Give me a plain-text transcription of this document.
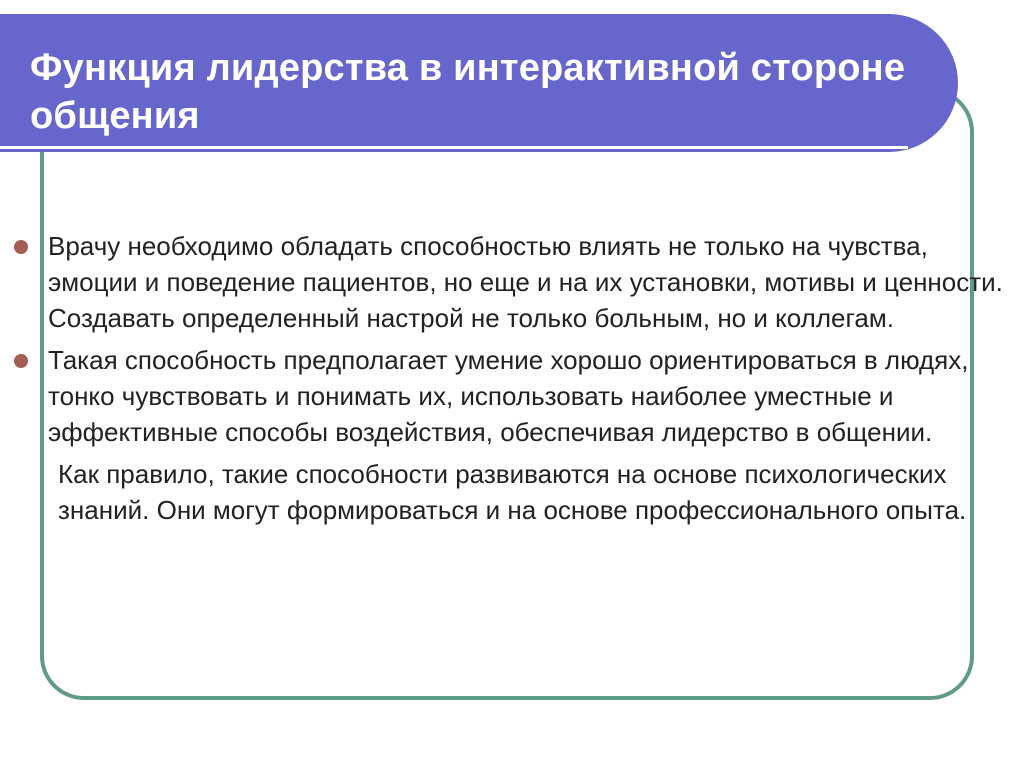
Функция лидерства в интерактивной стороне общения

Врачу необходимо обладать способностью влиять не только на чувства, эмоции и поведение пациентов, но еще и на их установки, мотивы и ценности. Создавать определенный настрой не только больным, но и коллегам.

Такая способность предполагает умение хорошо ориентироваться в людях, тонко чувствовать и понимать их, использовать наиболее уместные и эффективные способы воздействия, обеспечивая лидерство в общении.

Как правило, такие способности развиваются на основе психологических знаний. Они могут формироваться и на основе профессионального опыта.
